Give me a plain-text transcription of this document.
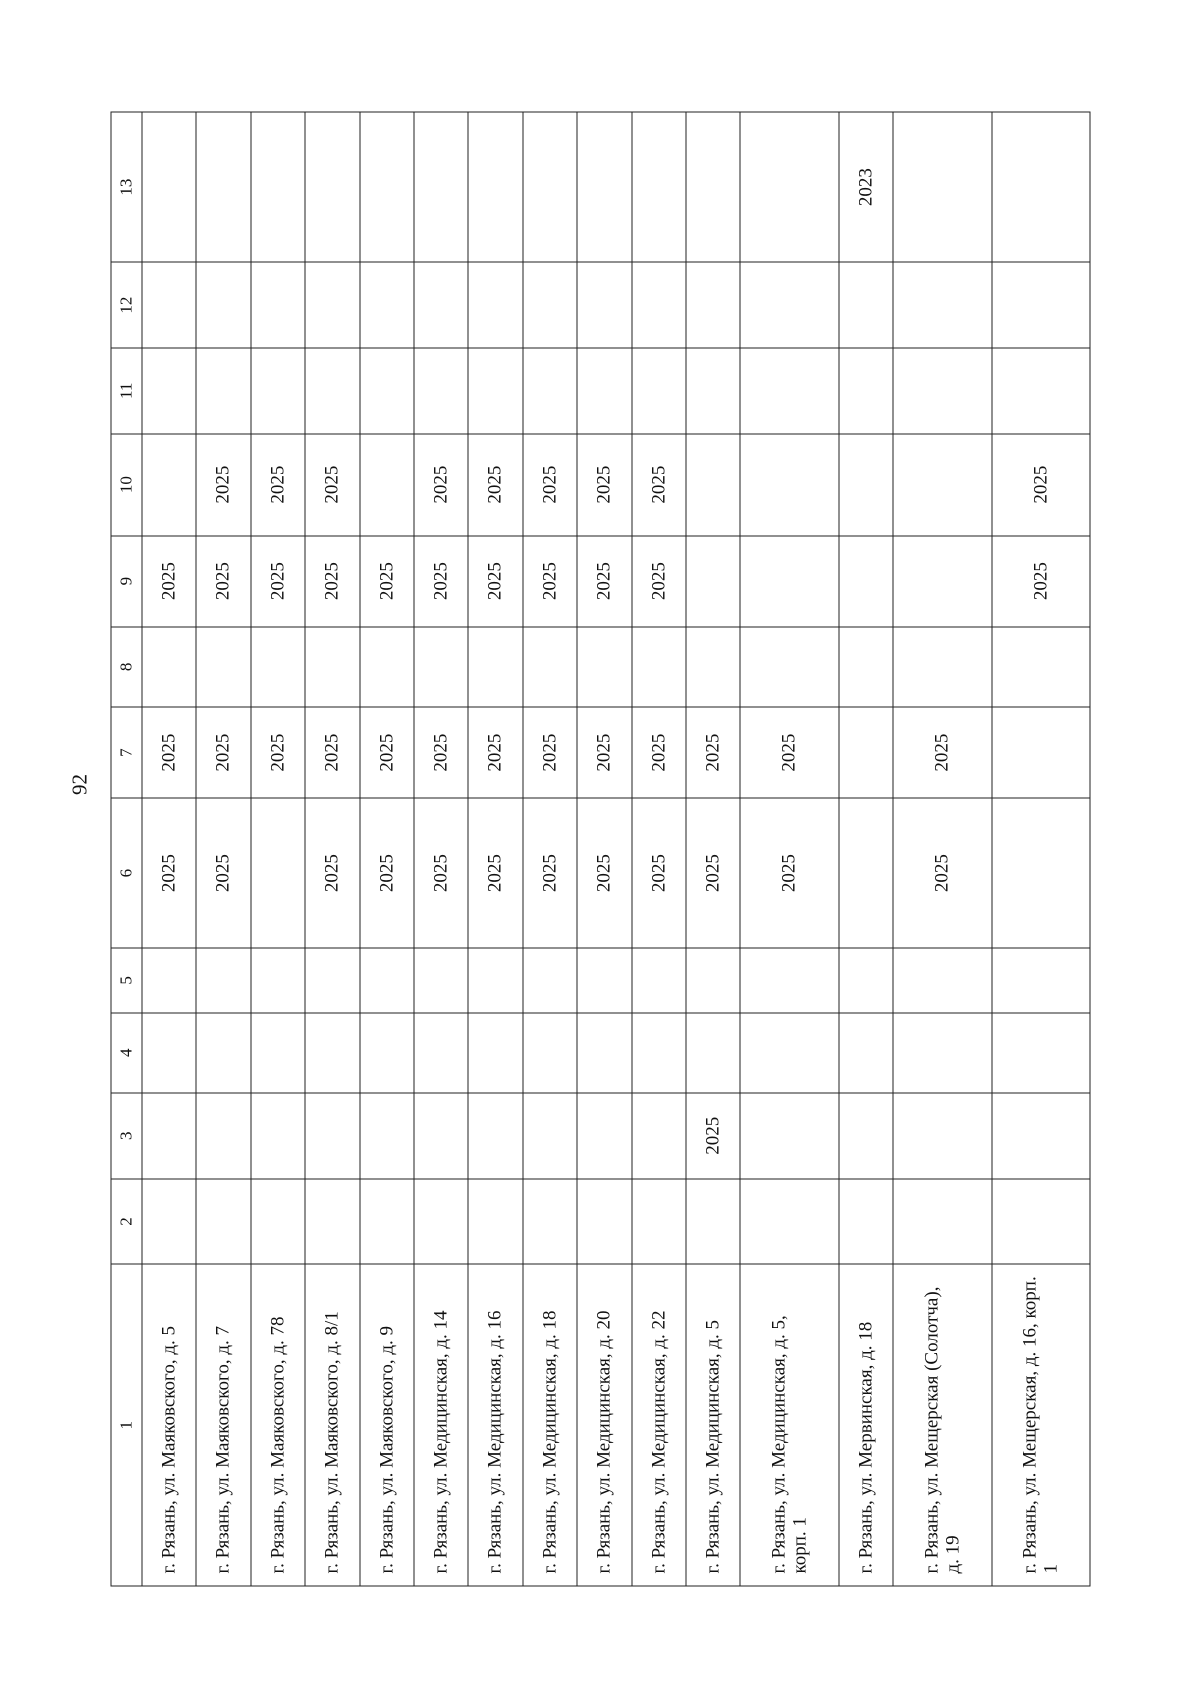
92
1	2	3	4	5	6	7	8	9	10	11	12	13
г. Рязань, ул. Маяковского, д. 5					2025	2025		2025				
г. Рязань, ул. Маяковского, д. 7					2025	2025		2025	2025			
г. Рязань, ул. Маяковского, д. 78						2025		2025	2025			
г. Рязань, ул. Маяковского, д. 8/1					2025	2025		2025	2025			
г. Рязань, ул. Маяковского, д. 9					2025	2025		2025				
г. Рязань, ул. Медицинская, д. 14					2025	2025		2025	2025			
г. Рязань, ул. Медицинская, д. 16					2025	2025		2025	2025			
г. Рязань, ул. Медицинская, д. 18					2025	2025		2025	2025			
г. Рязань, ул. Медицинская, д. 20					2025	2025		2025	2025			
г. Рязань, ул. Медицинская, д. 22					2025	2025		2025	2025			
г. Рязань, ул. Медицинская, д. 5		2025			2025	2025						
г. Рязань, ул. Медицинская, д. 5, корп. 1					2025	2025						
г. Рязань, ул. Мервинская, д. 18												2023
г. Рязань, ул. Мещерская (Солотча), д. 19					2025	2025						
г. Рязань, ул. Мещерская, д. 16, корп. 1								2025	2025			
